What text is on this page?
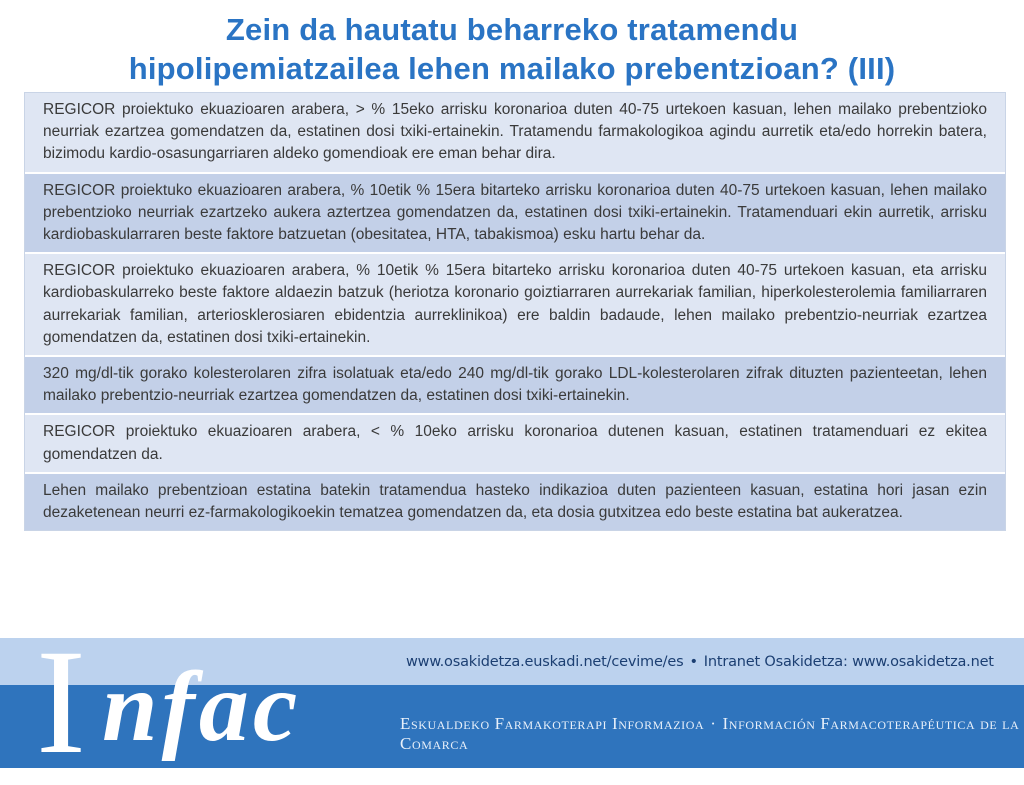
Zein da hautatu beharreko tratamendu
hipolipemiatzailea lehen mailako prebentzioan? (III)
REGICOR proiektuko ekuazioaren arabera, > % 15eko arrisku koronarioa duten 40-75 urtekoen kasuan, lehen mailako prebentzioko neurriak ezartzea gomendatzen da, estatinen dosi txiki-ertainekin. Tratamendu farmakologikoa agindu aurretik eta/edo horrekin batera, bizimodu kardio-osasungarriaren aldeko gomendioak ere eman behar dira.
REGICOR proiektuko ekuazioaren arabera, % 10etik % 15era bitarteko arrisku koronarioa duten 40-75 urtekoen kasuan, lehen mailako prebentzioko neurriak ezartzeko aukera aztertzea gomendatzen da, estatinen dosi txiki-ertainekin. Tratamenduari ekin aurretik, arrisku kardiobaskularraren beste faktore batzuetan (obesitatea, HTA, tabakismoa) esku hartu behar da.
REGICOR proiektuko ekuazioaren arabera, % 10etik % 15era bitarteko arrisku koronarioa duten 40-75 urtekoen kasuan, eta arrisku kardiobaskularreko beste faktore aldaezin batzuk (heriotza koronario goiztiarraren aurrekariak familian, hiperkolesterolemia familiarraren aurrekariak familian, arteriosklerosiaren ebidentzia aurreklinikoa) ere baldin badaude, lehen mailako prebentzio-neurriak ezartzea gomendatzen da, estatinen dosi txiki-ertainekin.
320 mg/dl-tik gorako kolesterolaren zifra isolatuak eta/edo 240 mg/dl-tik gorako LDL-kolesterolaren zifrak dituzten pazienteetan, lehen mailako prebentzio-neurriak ezartzea gomendatzen da, estatinen dosi txiki-ertainekin.
REGICOR proiektuko ekuazioaren arabera, < % 10eko arrisku koronarioa dutenen kasuan, estatinen tratamenduari ez ekitea gomendatzen da.
Lehen mailako prebentzioan estatina batekin tratamendua hasteko indikazioa duten pazienteen kasuan, estatina hori jasan ezin dezaketenean neurri ez-farmakologikoekin tematzea gomendatzen da, eta dosia gutxitzea edo beste estatina bat aukeratzea.
www.osakidetza.euskadi.net/cevime/es • Intranet Osakidetza: www.osakidetza.net
I nfac	Eskualdeko Farmakoterapi Informazioa · Información Farmacoterapéutica de la Comarca
